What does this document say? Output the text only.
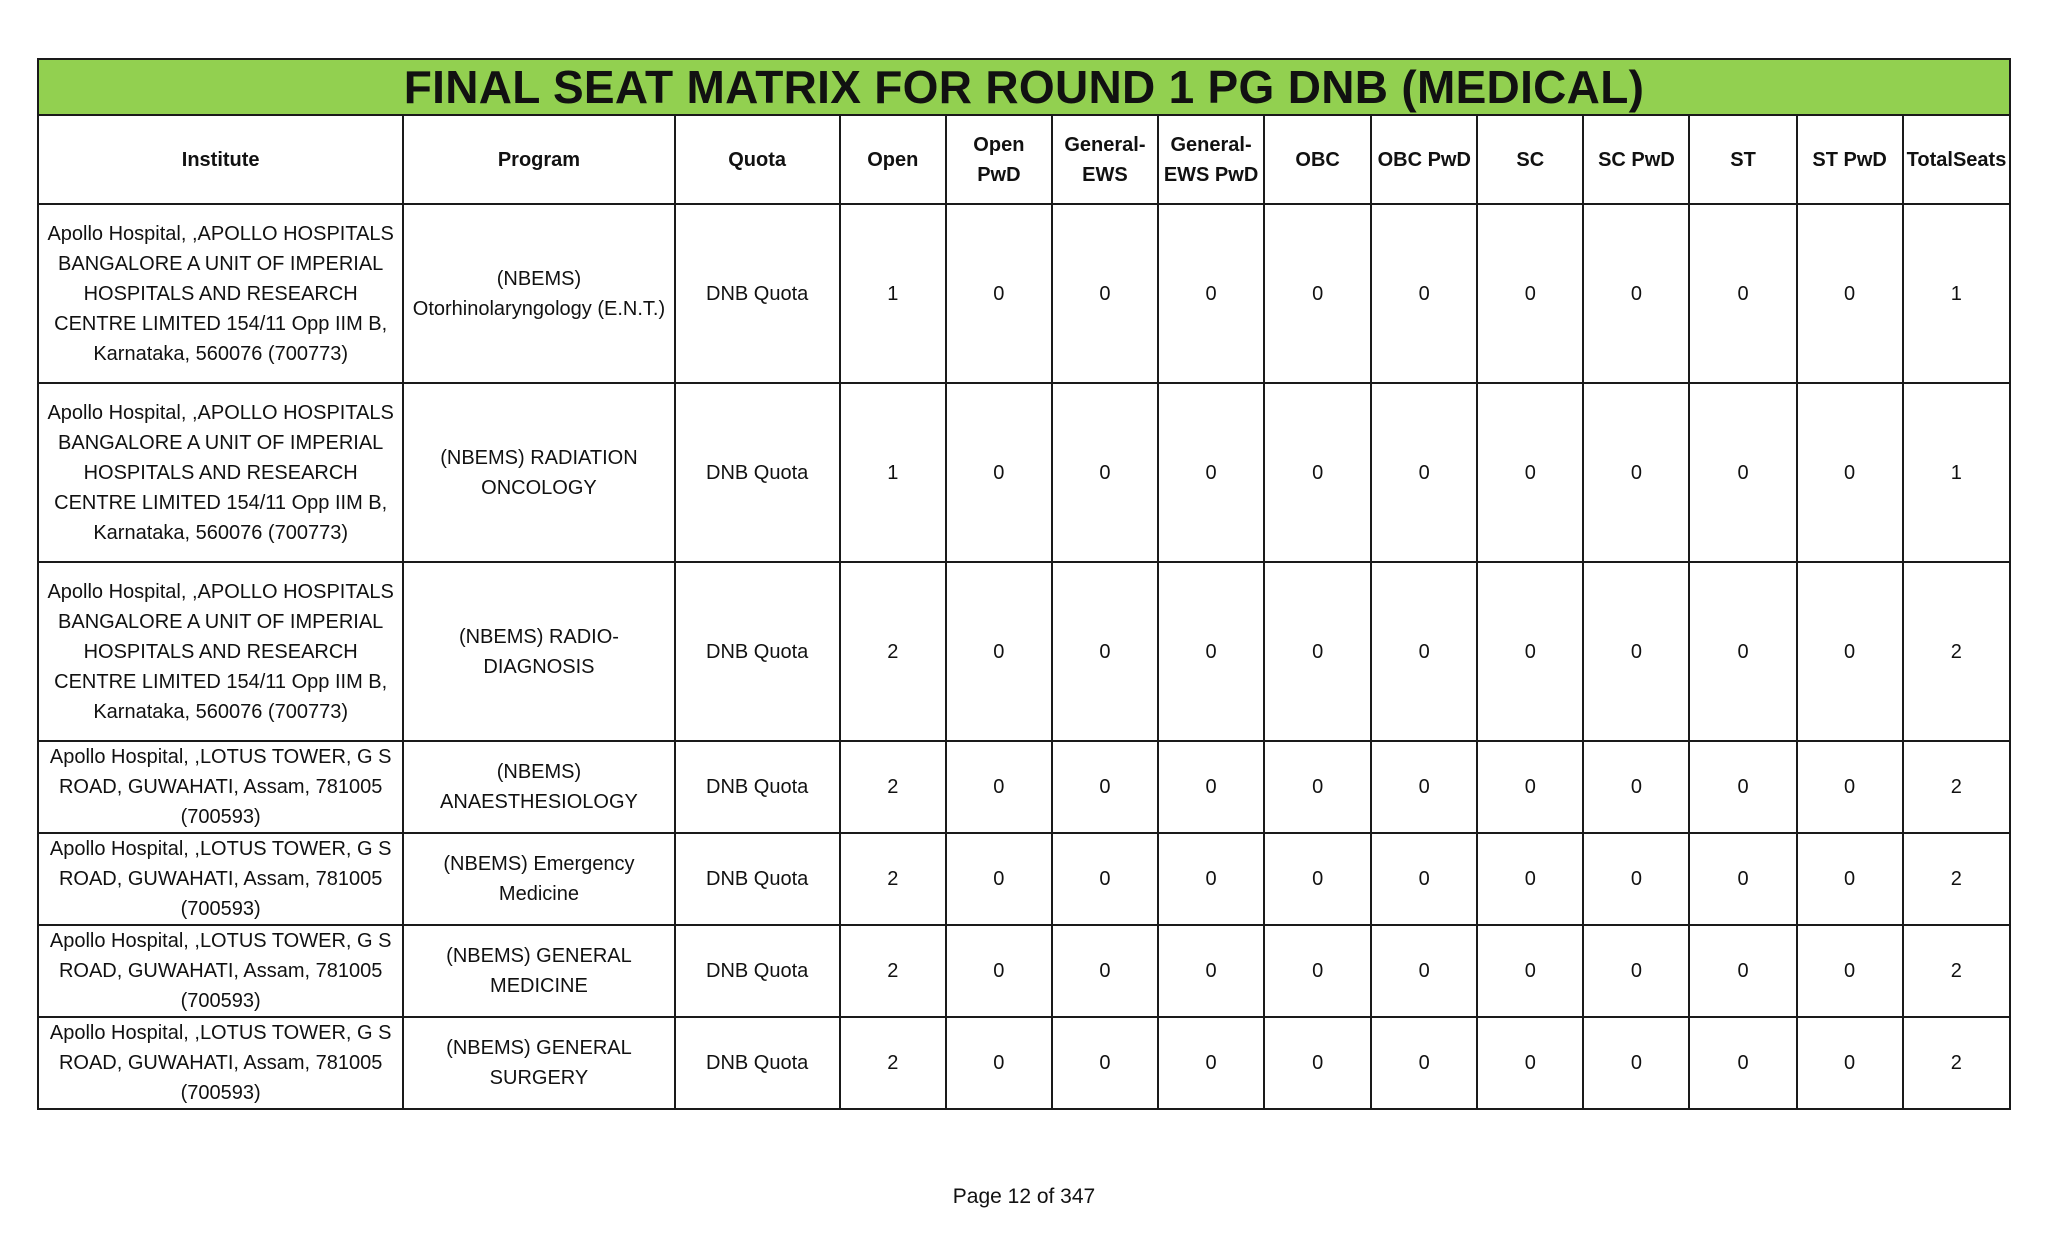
FINAL SEAT MATRIX FOR ROUND 1 PG DNB (MEDICAL)													
Institute	Program	Quota	Open	Open PwD	General-EWS	General-EWS PwD	OBC	OBC PwD	SC	SC PwD	ST	ST PwD	TotalSeats
Apollo Hospital, ,APOLLO HOSPITALS BANGALORE A UNIT OF IMPERIAL HOSPITALS AND RESEARCH CENTRE LIMITED 154/11 Opp IIM B, Karnataka, 560076 (700773)	(NBEMS) Otorhinolaryngology (E.N.T.)	DNB Quota	1	0	0	0	0	0	0	0	0	0	1
Apollo Hospital, ,APOLLO HOSPITALS BANGALORE A UNIT OF IMPERIAL HOSPITALS AND RESEARCH CENTRE LIMITED 154/11 Opp IIM B, Karnataka, 560076 (700773)	(NBEMS) RADIATION ONCOLOGY	DNB Quota	1	0	0	0	0	0	0	0	0	0	1
Apollo Hospital, ,APOLLO HOSPITALS BANGALORE A UNIT OF IMPERIAL HOSPITALS AND RESEARCH CENTRE LIMITED 154/11 Opp IIM B, Karnataka, 560076 (700773)	(NBEMS) RADIO-DIAGNOSIS	DNB Quota	2	0	0	0	0	0	0	0	0	0	2
Apollo Hospital, ,LOTUS TOWER, G S ROAD, GUWAHATI, Assam, 781005 (700593)	(NBEMS) ANAESTHESIOLOGY	DNB Quota	2	0	0	0	0	0	0	0	0	0	2
Apollo Hospital, ,LOTUS TOWER, G S ROAD, GUWAHATI, Assam, 781005 (700593)	(NBEMS) Emergency Medicine	DNB Quota	2	0	0	0	0	0	0	0	0	0	2
Apollo Hospital, ,LOTUS TOWER, G S ROAD, GUWAHATI, Assam, 781005 (700593)	(NBEMS) GENERAL MEDICINE	DNB Quota	2	0	0	0	0	0	0	0	0	0	2
Apollo Hospital, ,LOTUS TOWER, G S ROAD, GUWAHATI, Assam, 781005 (700593)	(NBEMS) GENERAL SURGERY	DNB Quota	2	0	0	0	0	0	0	0	0	0	2
Page 12 of 347
